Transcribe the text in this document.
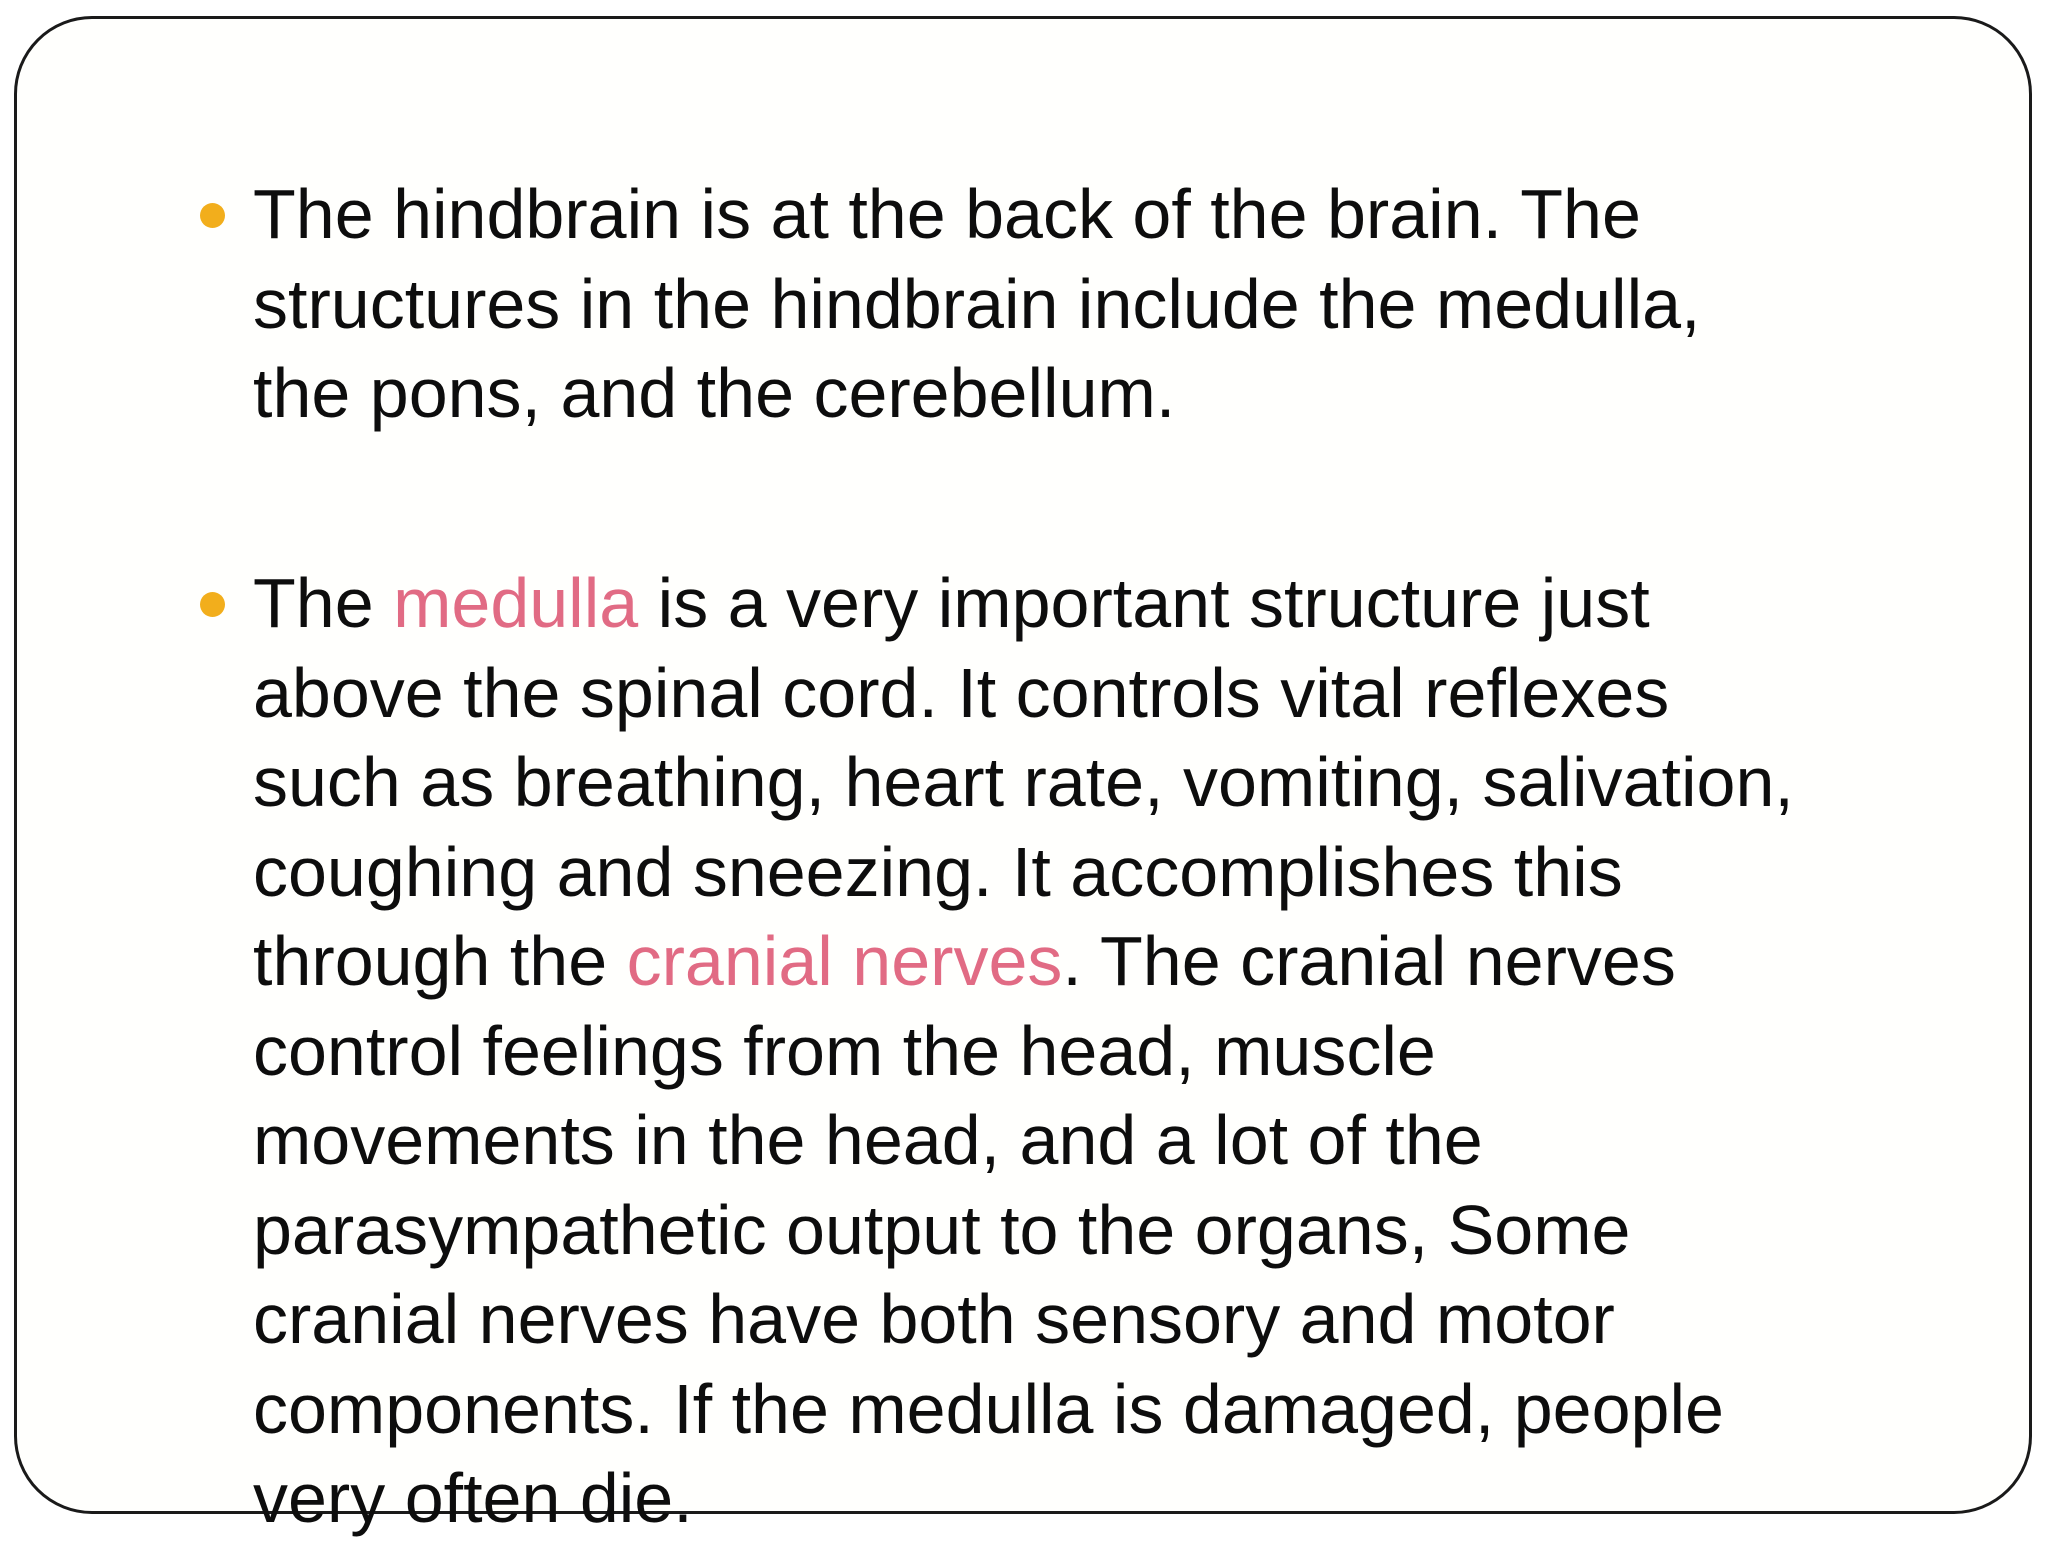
The hindbrain is at the back of the brain. The
structures in the hindbrain include the medulla,
the pons, and the cerebellum.

The medulla is a very important structure just
above the spinal cord. It controls vital reflexes
such as breathing, heart rate, vomiting, salivation,
coughing and sneezing. It accomplishes this
through the cranial nerves. The cranial nerves
control feelings from the head, muscle
movements in the head, and a lot of the
parasympathetic output to the organs, Some
cranial nerves have both sensory and motor
components. If the medulla is damaged, people
very often die.
